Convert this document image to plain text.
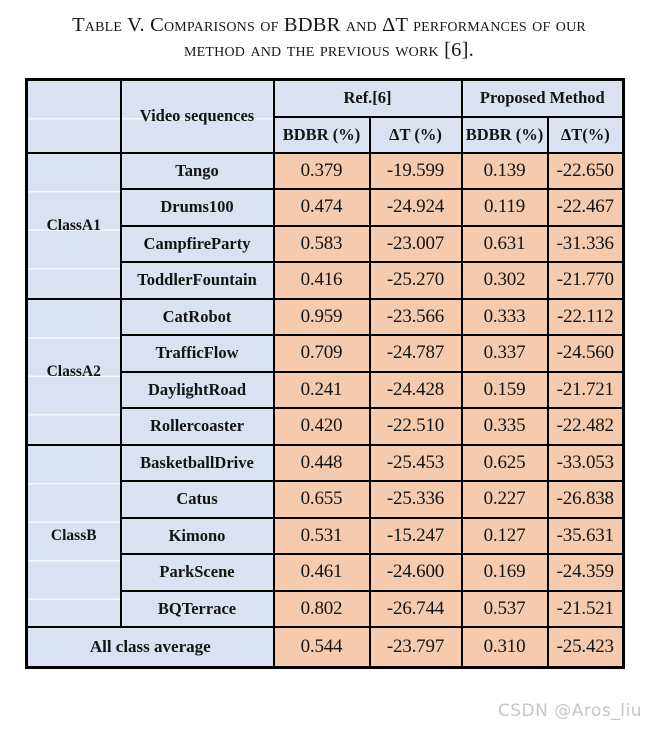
Table V. Comparisons of BDBR and ΔT performances of our
method and the previous work [6].
	Video sequences	Ref.[6]		Proposed Method	
		BDBR (%)	ΔT (%)	BDBR (%)	ΔT(%)
ClassA1	Tango	0.379	-19.599	0.139	-22.650
	Drums100	0.474	-24.924	0.119	-22.467
	CampfireParty	0.583	-23.007	0.631	-31.336
	ToddlerFountain	0.416	-25.270	0.302	-21.770
ClassA2	CatRobot	0.959	-23.566	0.333	-22.112
	TrafficFlow	0.709	-24.787	0.337	-24.560
	DaylightRoad	0.241	-24.428	0.159	-21.721
	Rollercoaster	0.420	-22.510	0.335	-22.482
ClassB	BasketballDrive	0.448	-25.453	0.625	-33.053
	Catus	0.655	-25.336	0.227	-26.838
	Kimono	0.531	-15.247	0.127	-35.631
	ParkScene	0.461	-24.600	0.169	-24.359
	BQTerrace	0.802	-26.744	0.537	-21.521
All class average		0.544	-23.797	0.310	-25.423
CSDN @Aros_liu
